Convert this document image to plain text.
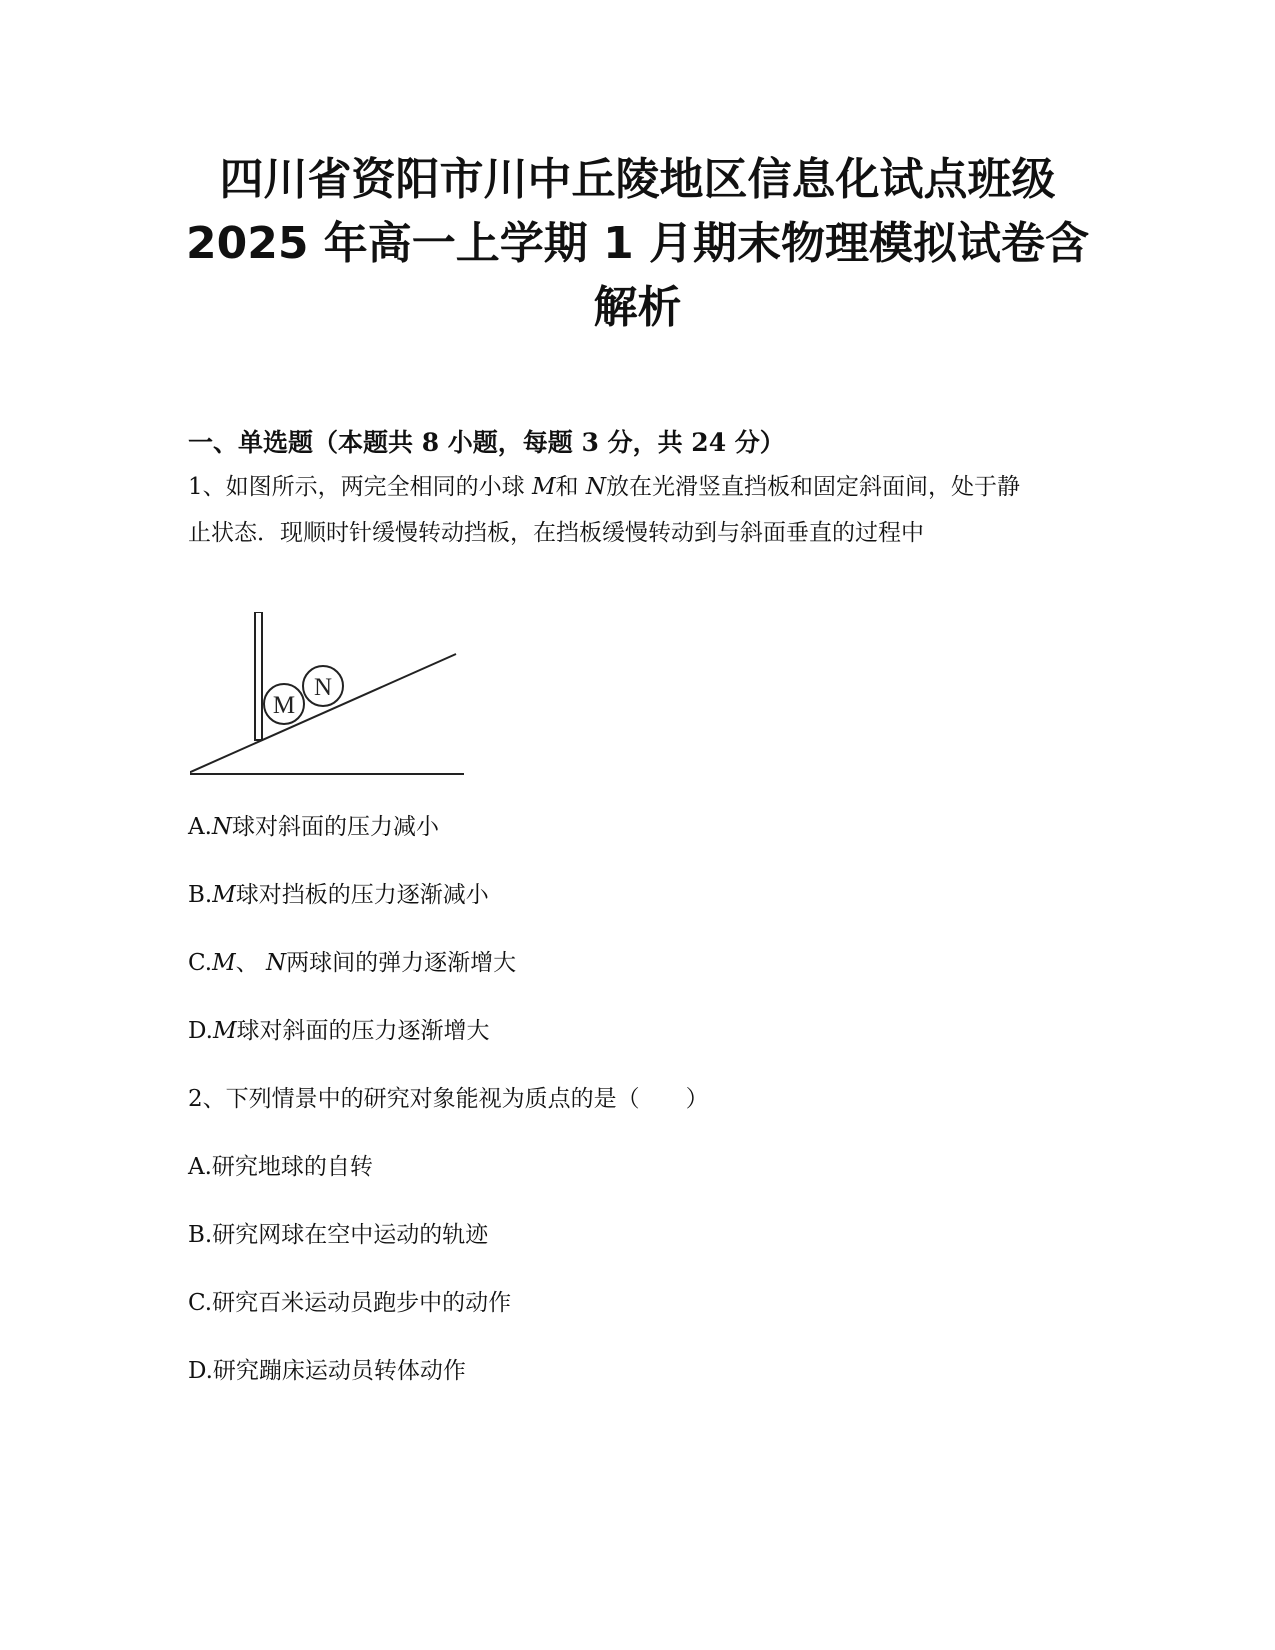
四川省资阳市川中丘陵地区信息化试点班级
2025 年高一上学期 1 月期末物理模拟试卷含
解析
一、单选题（本题共 8 小题，每题 3 分，共 24 分）
1、如图所示，两完全相同的小球 M和 N放在光滑竖直挡板和固定斜面间，处于静
止状态．现顺时针缓慢转动挡板，在挡板缓慢转动到与斜面垂直的过程中
M
N
A.N球对斜面的压力减小
B.M球对挡板的压力逐渐减小
C.M、 N两球间的弹力逐渐增大
D.M球对斜面的压力逐渐增大
2、下列情景中的研究对象能视为质点的是（　　）
A.研究地球的自转
B.研究网球在空中运动的轨迹
C.研究百米运动员跑步中的动作
D.研究蹦床运动员转体动作
